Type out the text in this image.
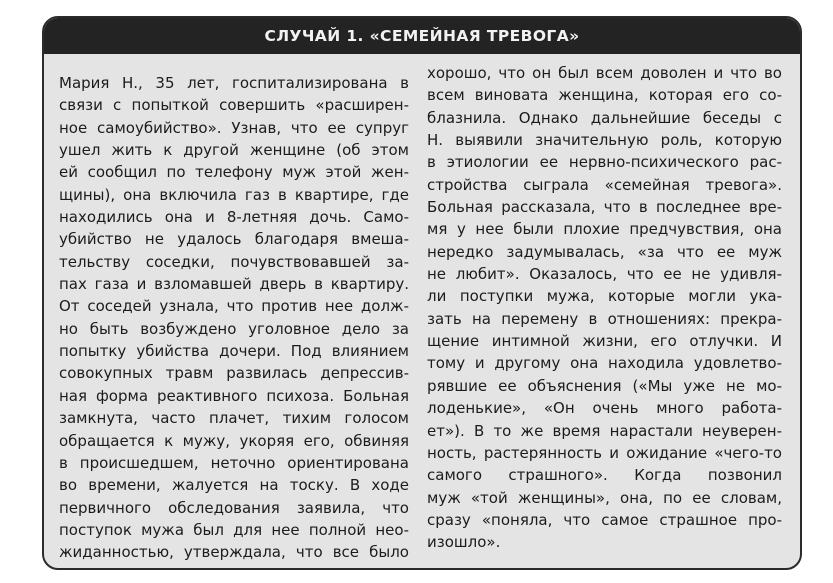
СЛУЧАЙ 1. «СЕМЕЙНАЯ ТРЕВОГА»
Мария Н., 35 лет, госпитализирована в
связи с попыткой совершить «расширен-
ное самоубийство». Узнав, что ее супруг
ушел жить к другой женщине (об этом
ей сообщил по телефону муж этой жен-
щины), она включила газ в квартире, где
находились она и 8-летняя дочь. Само-
убийство не удалось благодаря вмеша-
тельству соседки, почувствовавшей за-
пах газа и взломавшей дверь в квартиру.
От соседей узнала, что против нее долж-
но быть возбуждено уголовное дело за
попытку убийства дочери. Под влиянием
совокупных травм развилась депрессив-
ная форма реактивного психоза. Больная
замкнута, часто плачет, тихим голосом
обращается к мужу, укоряя его, обвиняя
в происшедшем, неточно ориентирована
во времени, жалуется на тоску. В ходе
первичного обследования заявила, что
поступок мужа был для нее полной нео-
жиданностью, утверждала, что все было
хорошо, что он был всем доволен и что во
всем виновата женщина, которая его со-
блазнила. Однако дальнейшие беседы с
Н. выявили значительную роль, которую
в этиологии ее нервно-психического рас-
стройства сыграла «семейная тревога».
Больная рассказала, что в последнее вре-
мя у нее были плохие предчувствия, она
нередко задумывалась, «за что ее муж
не любит». Оказалось, что ее не удивля-
ли поступки мужа, которые могли ука-
зать на перемену в отношениях: прекра-
щение интимной жизни, его отлучки. И
тому и другому она находила удовлетво-
рявшие ее объяснения («Мы уже не мо-
лоденькие», «Он очень много работа-
ет»). В то же время нарастали неуверен-
ность, растерянность и ожидание «чего-то
самого страшного». Когда позвонил
муж «той женщины», она, по ее словам,
сразу «поняла, что самое страшное про-
изошло».
